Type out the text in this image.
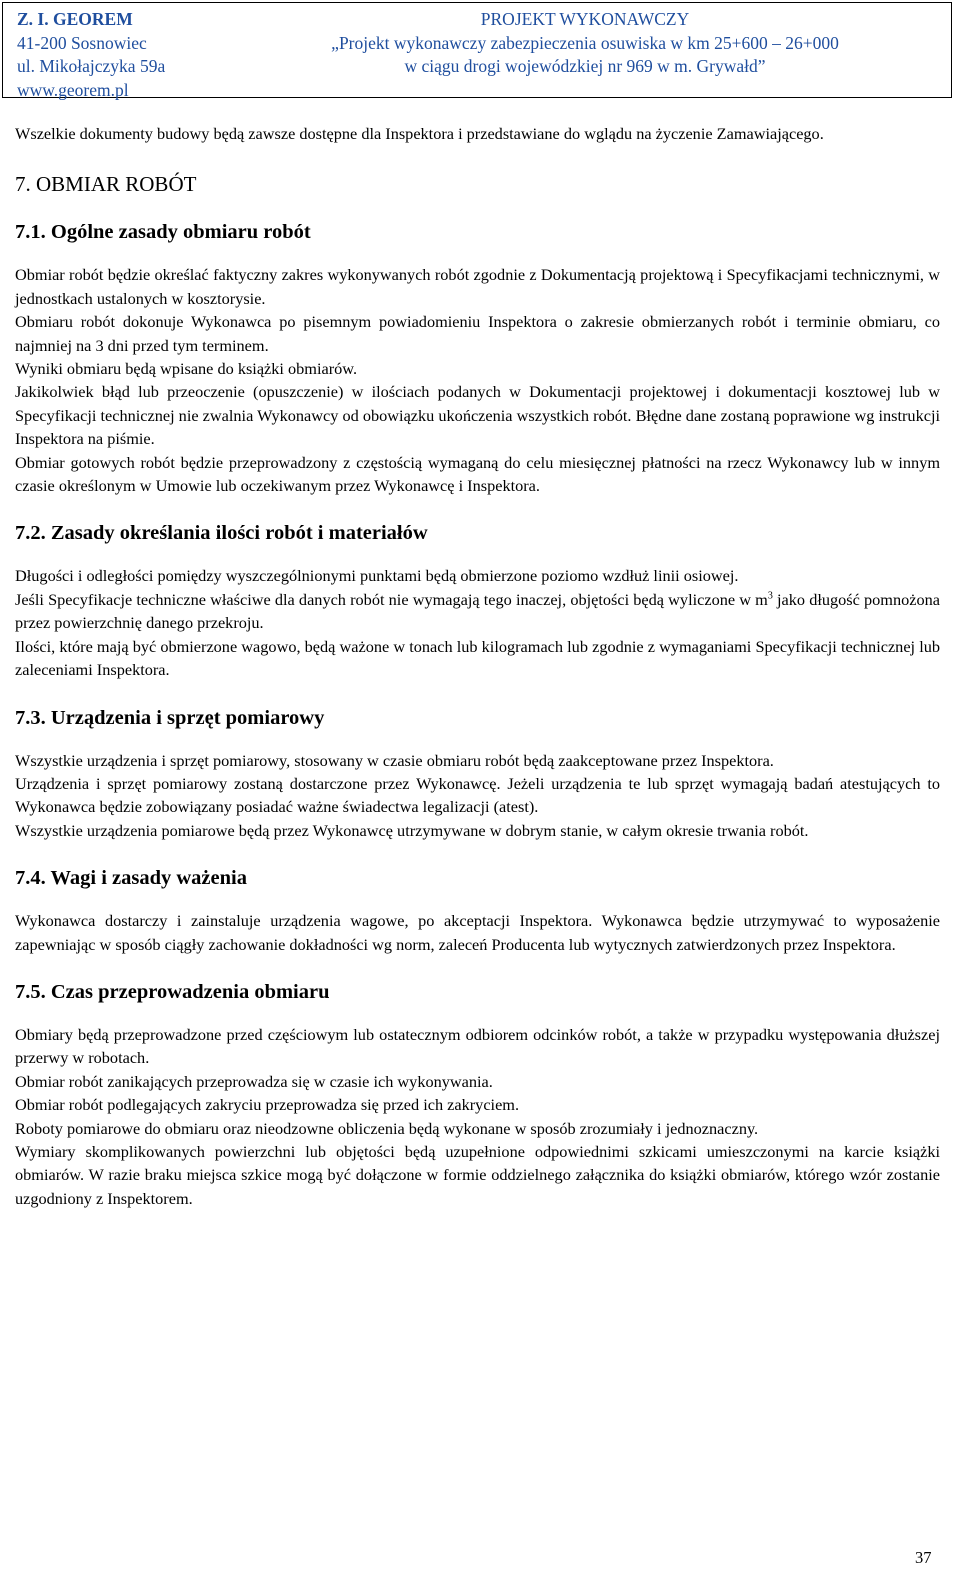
Z. I. GEOREM
41-200 Sosnowiec
ul. Mikołajczyka 59a
www.georem.pl
PROJEKT WYKONAWCZY
„Projekt wykonawczy zabezpieczenia osuwiska w km 25+600 – 26+000
w ciągu drogi wojewódzkiej nr 969 w m. Grywałd”

Wszelkie dokumenty budowy będą zawsze dostępne dla Inspektora i przedstawiane do wglądu na życzenie Zamawiającego.

7. OBMIAR ROBÓT
7.1. Ogólne zasady obmiaru robót

Obmiar robót będzie określać faktyczny zakres wykonywanych robót zgodnie z Dokumentacją projektową i Specyfikacjami technicznymi, w jednostkach ustalonych w kosztorysie.

Obmiaru robót dokonuje Wykonawca po pisemnym powiadomieniu Inspektora o zakresie obmierzanych robót i terminie obmiaru, co najmniej na 3 dni przed tym terminem.

Wyniki obmiaru będą wpisane do książki obmiarów.

Jakikolwiek błąd lub przeoczenie (opuszczenie) w ilościach podanych w Dokumentacji projektowej i dokumentacji kosztowej lub w Specyfikacji technicznej nie zwalnia Wykonawcy od obowiązku ukończenia wszystkich robót. Błędne dane zostaną poprawione wg instrukcji Inspektora na piśmie.

Obmiar gotowych robót będzie przeprowadzony z częstością wymaganą do celu miesięcznej płatności na rzecz Wykonawcy lub w innym czasie określonym w Umowie lub oczekiwanym przez Wykonawcę i Inspektora.

7.2. Zasady określania ilości robót i materiałów

Długości i odległości pomiędzy wyszczególnionymi punktami będą obmierzone poziomo wzdłuż linii osiowej.

Jeśli Specyfikacje techniczne właściwe dla danych robót nie wymagają tego inaczej, objętości będą wyliczone w $m^3$ jako długość pomnożona przez powierzchnię danego przekroju.

Ilości, które mają być obmierzone wagowo, będą ważone w tonach lub kilogramach lub zgodnie z wymaganiami Specyfikacji technicznej lub zaleceniami Inspektora.

7.3. Urządzenia i sprzęt pomiarowy

Wszystkie urządzenia i sprzęt pomiarowy, stosowany w czasie obmiaru robót będą zaakceptowane przez Inspektora.

Urządzenia i sprzęt pomiarowy zostaną dostarczone przez Wykonawcę. Jeżeli urządzenia te lub sprzęt wymagają badań atestujących to Wykonawca będzie zobowiązany posiadać ważne świadectwa legalizacji (atest).

Wszystkie urządzenia pomiarowe będą przez Wykonawcę utrzymywane w dobrym stanie, w całym okresie trwania robót.

7.4. Wagi i zasady ważenia

Wykonawca dostarczy i zainstaluje urządzenia wagowe, po akceptacji Inspektora. Wykonawca będzie utrzymywać to wyposażenie zapewniając w sposób ciągły zachowanie dokładności wg norm, zaleceń Producenta lub wytycznych zatwierdzonych przez Inspektora.

7.5. Czas przeprowadzenia obmiaru

Obmiary będą przeprowadzone przed częściowym lub ostatecznym odbiorem odcinków robót, a także w przypadku występowania dłuższej przerwy w robotach.

Obmiar robót zanikających przeprowadza się w czasie ich wykonywania.

Obmiar robót podlegających zakryciu przeprowadza się przed ich zakryciem.

Roboty pomiarowe do obmiaru oraz nieodzowne obliczenia będą wykonane w sposób zrozumiały i jednoznaczny.

Wymiary skomplikowanych powierzchni lub objętości będą uzupełnione odpowiednimi szkicami umieszczonymi na karcie książki obmiarów. W razie braku miejsca szkice mogą być dołączone w formie oddzielnego załącznika do książki obmiarów, którego wzór zostanie uzgodniony z Inspektorem.

37
